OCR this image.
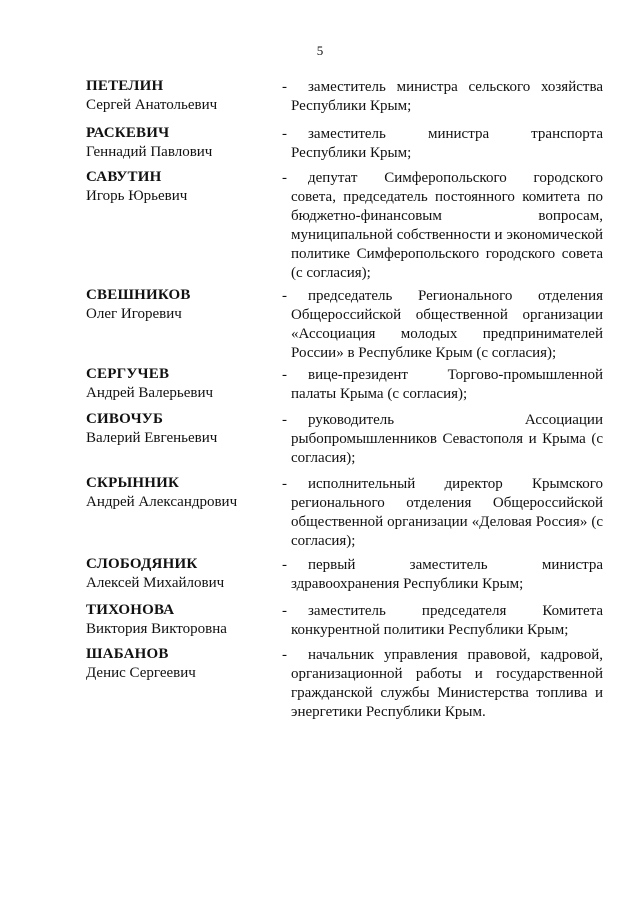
5
ПЕТЕЛИН
Сергей Анатольевич
-	заместитель министра сельского хозяйства Республики Крым;
РАСКЕВИЧ
Геннадий Павлович
-	заместитель министра транспорта Республики Крым;
САВУТИН
Игорь Юрьевич
-	депутат Симферопольского городского совета, председатель постоянного комитета по бюджетно-финансовым вопросам, муниципальной собственности и экономической политике Симферопольского городского совета (с согласия);
СВЕШНИКОВ
Олег Игоревич
-	председатель Регионального отделения Общероссийской общественной организации «Ассоциация молодых предпринимателей России» в Республике Крым (с согласия);
СЕРГУЧЕВ
Андрей Валерьевич
-	вице-президент Торгово-промышленной палаты Крыма (с согласия);
СИВОЧУБ
Валерий Евгеньевич
-	руководитель Ассоциации рыбопромышленников Севастополя и Крыма (с согласия);
СКРЫННИК
Андрей Александрович
-	исполнительный директор Крымского регионального отделения Общероссийской общественной организации «Деловая Россия» (с согласия);
СЛОБОДЯНИК
Алексей Михайлович
-	первый заместитель министра здравоохранения Республики Крым;
ТИХОНОВА
Виктория Викторовна
-	заместитель председателя Комитета конкурентной политики Республики Крым;
ШАБАНОВ
Денис Сергеевич
-	начальник управления правовой, кадровой, организационной работы и государственной гражданской службы Министерства топлива и энергетики Республики Крым.
